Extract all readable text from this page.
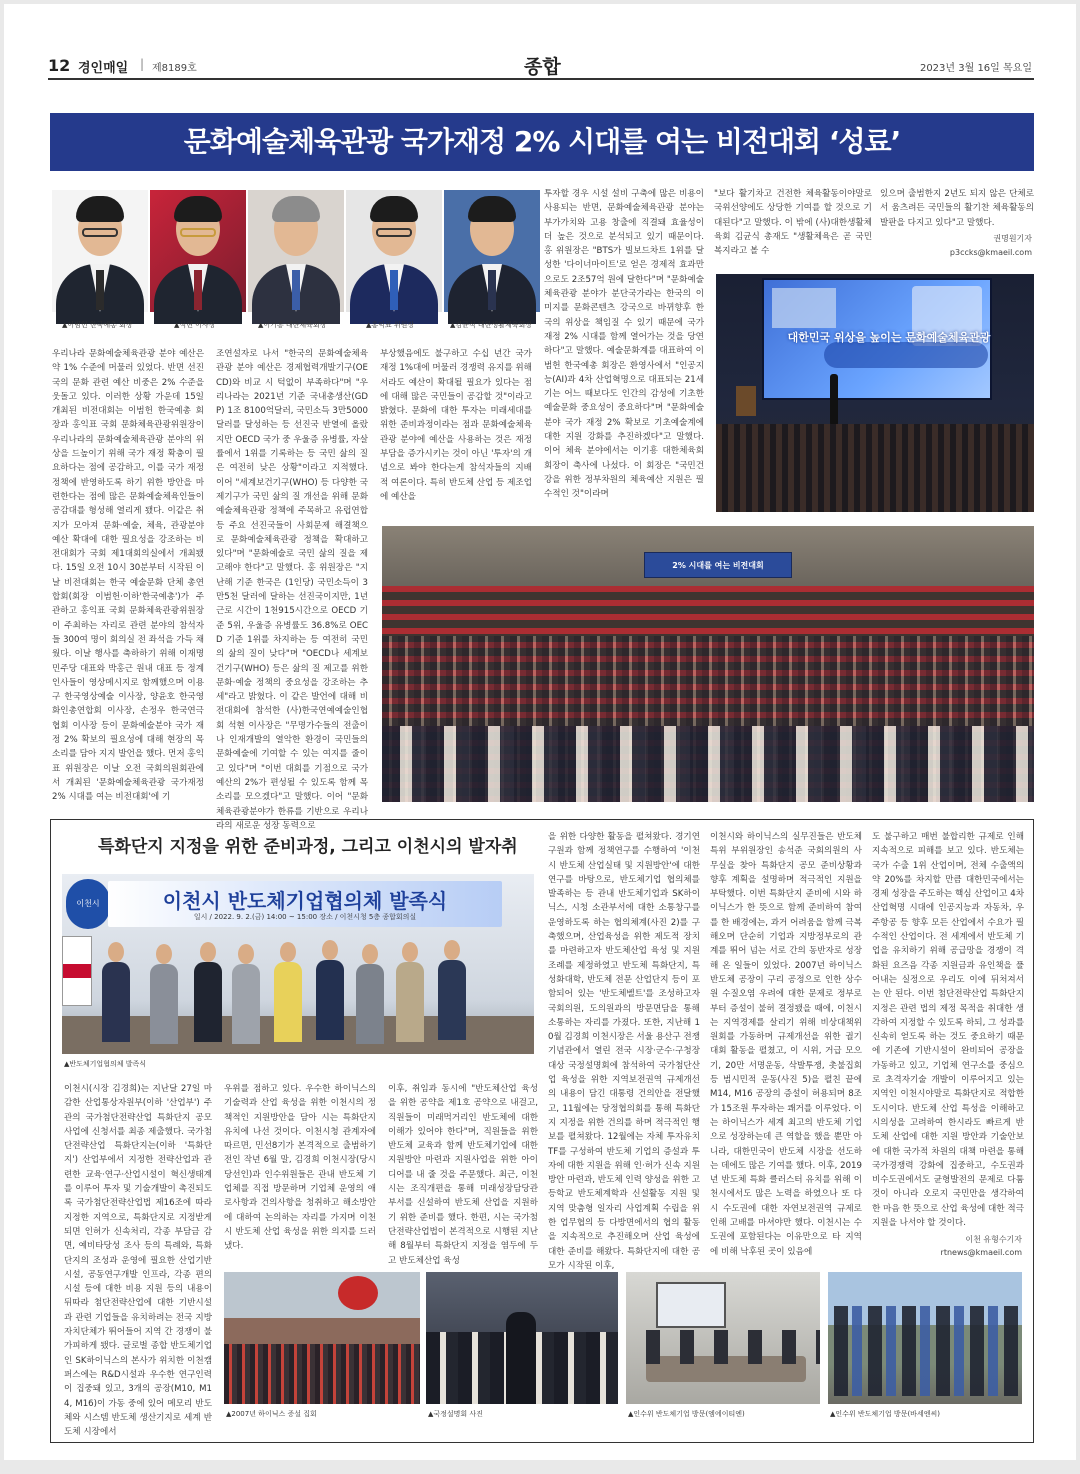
12 경인매일 | 제8189호	종합	2023년 3월 16일 목요일
문화예술체육관광 국가재정 2% 시대를 여는 비전대회 ‘성료’
▲이범헌 한국예총 회장	▲석현 이사장	▲이기흥 대한체육회장	▲홍익표 위원장	▲김균식 대한생활체육회장
우리나라 문화예술체육관광 분야 예산은 약 1% 수준에 머물러 있었다. 반면 선진국의 문화 관련 예산 비중은 2% 수준을 웃돌고 있다. 이러한 상황 가운데 15일 개최된 비전대회는 이범헌 한국예총 회장과 홍익표 국회 문화체육관광위원장이 우리나라의 문화예술체육관광 분야의 위상을 드높이기 위해 국가 재정 확충이 필요하다는 점에 공감하고, 이를 국가 재정정책에 반영하도록 하기 위한 방안을 마련한다는 점에 많은 문화예술체육인들이 공감대를 형성해 열리게 됐다. 이같은 취지가 모아져 문화·예술, 체육, 관광분야 예산 확대에 대한 필요성을 강조하는 비전대회가 국회 제1대회의실에서 개최됐다. 15일 오전 10시 30분부터 시작된 이날 비전대회는 한국 예술문화 단체 총연합회(회장 이범헌·이하'한국예총')가 주관하고 홍익표 국회 문화체육관광위원장이 주최하는 자리로 관련 분야의 참석자들 300여 명이 회의실 전 좌석을 가득 채웠다. 이날 행사를 축하하기 위해 이재명 민주당 대표와 박홍근 원내 대표 등 정계 인사들이 영상메시지로 함께했으며 이용구 한국영상예술 이사장, 양윤호 한국영화인총연합회 이사장, 손정우 한국연극협회 이사장 등이 문화예술분야 국가 재정 2% 확보의 필요성에 대해 현장의 목소리를 담아 지지 발언을 했다. 먼저 홍익표 위원장은 이날 오전 국회의원회관에서 개최된 '문화예술체육관광 국가재정 2% 시대를 여는 비전대회'에 기
조연설자로 나서 "한국의 문화예술체육관광 분야 예산은 경제협력개발기구(OECD)와 비교 시 턱없이 부족하다"며 "우리나라는 2021년 기준 국내총생산(GDP) 1조 8100억달러, 국민소득 3만5000달러를 달성하는 등 선진국 반열에 올랐지만 OECD 국가 중 우울증 유병률, 자살률에서 1위를 기록하는 등 국민 삶의 질은 여전히 낮은 상황"이라고 지적했다. 이어 "세계보건기구(WHO) 등 다양한 국제기구가 국민 삶의 질 개선을 위해 문화예술체육관광 정책에 주목하고 유럽연합 등 주요 선진국들이 사회문제 해결책으로 문화예술체육관광 정책을 확대하고 있다"며 "문화예술로 국민 삶의 질을 제고해야 한다"고 말했다. 홍 위원장은 "지난해 기준 한국은 (1인당) 국민소득이 3만5천 달러에 달하는 선진국이지만, 1년 근로 시간이 1천915시간으로 OECD 기준 5위, 우울증 유병률도 36.8%로 OECD 기준 1위를 차지하는 등 여전히 국민의 삶의 질이 낮다"며 "OECD나 세계보건기구(WHO) 등은 삶의 질 제고를 위한 문화·예술 정책의 중요성을 강조하는 추세"라고 밝혔다. 이 같은 발언에 대해 비전대회에 참석한 (사)한국연예예술인협회 석현 이사장은 "무명가수들의 전출이나 인재개발의 열악한 환경이 국민들의 문화예술에 기여할 수 있는 여지를 줄이고 있다"며 "이번 대회를 기점으로 국가 예산의 2%가 편성될 수 있도록 함께 목소리를 모으겠다"고 말했다. 이어 "문화체육관광분야가 한류를 기반으로 우리나라의 새로운 성장 동력으로
부상했음에도 불구하고 수십 년간 국가재정 1%대에 머물러 경쟁력 유지를 위해서라도 예산이 확대될 필요가 있다는 점에 대해 많은 국민들이 공감할 것"이라고 밝혔다. 문화에 대한 투자는 미래세대를 위한 준비과정이라는 점과 문화예술체육관광 분야에 예산을 사용하는 것은 재정 부담을 증가시키는 것이 아닌 '투자'의 개념으로 봐야 한다는게 참석자들의 지배적 여론이다. 특히 반도체 산업 등 제조업에 예산을
투자할 경우 시설 설비 구축에 많은 비용이 사용되는 반면, 문화예술체육관광 분야는 부가가치와 고용 창출에 직결돼 효율성이 더 높은 것으로 분석되고 있기 때문이다. 홍 위원장은 "BTS가 빌보드차트 1위를 달성한 '다이너마이트'로 얻은 경제적 효과만으로도 2조57억 원에 달한다"며 "문화예술체육관광 분야가 분단국가라는 한국의 이미지를 문화콘텐츠 강국으로 바뀌향후 한국의 위상을 책임질 수 있기 때문에 국가 재정 2% 시대를 함께 열어가는 것을 당연하다"고 말했다. 예술문화계를 대표하여 이범헌 한국예총 회장은 환영사에서 "인공지능(AI)과 4차 산업혁명으로 대표되는 21세기는 어느 때보다도 인간의 감성에 기초한 예술문화 중요성이 중요하다"며 "문화예술분야 국가 재정 2% 확보로 기초예술계에 대한 지원 강화를 추진하겠다"고 말했다. 이어 체육 분야에서는 이기흥 대한체육회 회장이 축사에 나섰다. 이 회장은 "국민건강을 위한 정부차원의 체육예산 지원은 필수적인 것"이라며
"보다 활기차고 건전한 체육활동이야말로 국위선양에도 상당한 기여를 할 것으로 기대된다"고 말했다. 이 밖에 (사)대한생활체육회 김균식 총재도 "생활체육은 곧 국민복지라고 볼 수
있으며 출범한지 2년도 되지 않은 단체로서 움츠려든 국민들의 활기찬 체육활동의 발판을 다지고 있다"고 말했다.
권명원기자
p3ccks@kmaeil.com
대한민국 위상을 높이는 문화예술체육관광
2% 시대를 여는 비전대회
특화단지 지정을 위한 준비과정, 그리고 이천시의 발자취
이천시	이천시 반도체기업협의체 발족식
일시 / 2022. 9. 2.(금) 14:00 ~ 15:00 장소 / 이천시청 5층 종합회의실
▲반도체기업협의체 발족식
이천시(시장 김경희)는 지난달 27일 마감한 산업통상자원부(이하 '산업부') 주관의 국가첨단전략산업 특화단지 공모사업에 신청서를 최종 제출했다. 국가첨단전략산업 특화단지는(이하 '특화단지') 산업부에서 지정한 전략산업과 관련한 교육·연구·산업시설이 혁신생태계를 이루어 투자 및 기술개발이 촉진되도록 국가첨단전략산업법 제16조에 따라 지정한 지역으로, 특화단지로 지정받게 되면 인허가 신속처리, 각종 부담금 감면, 예비타당성 조사 등의 특례와, 특화단지의 조성과 운영에 필요한 산업기반시설, 공동연구개발 인프라, 각종 편의시설 등에 대한 비용 지원 등의 내용이 뒤따라 첨단전략산업에 대한 기반시설과 관련 기업들을 유치하려는 전국 지방자치단체가 뛰어들어 지역 간 경쟁이 불가피하게 됐다. 글로벌 종합 반도체기업인 SK하이닉스의 본사가 위치한 이천캠퍼스에는 R&D시설과 우수한 연구인력이 집중돼 있고, 3개의 공장(M10, M14, M16)이 가동 중에 있어 메모리 반도체와 시스템 반도체 생산기지로 세계 반도체 시장에서
우위를 점하고 있다. 우수한 하이닉스의 기술력과 산업 육성을 위한 이천시의 정책적인 지원방안을 담아 시는 특화단지 유치에 나선 것이다. 이천시청 관계자에 따르면, 민선8기가 본격적으로 출범하기 전인 작년 6월 말, 김경희 이천시장(당시 당선인)과 인수위원들은 관내 반도체 기업체를 직접 방문하며 기업체 운영의 애로사항과 건의사항을 청취하고 해소방안에 대하여 논의하는 자리를 가지며 이천시 반도체 산업 육성을 위한 의지를 드러냈다.
이후, 취임과 동시에 "반도체산업 육성을 위한 공약을 제1호 공약으로 내걸고, 직원들이 미래먹거리인 반도체에 대한 이해가 있어야 한다"며, 직원들을 위한 반도체 교육과 함께 반도체기업에 대한 지원방안 마련과 지원사업을 위한 아이디어를 내 줄 것을 주문했다. 최근, 이천시는 조직개편을 통해 미래성장담당관 부서를 신설하여 반도체 산업을 지원하기 위한 준비를 했다. 한편, 시는 국가첨단전략산업법이 본격적으로 시행된 지난해 8월부터 특화단지 지정을 염두에 두고 반도체산업 육성
을 위한 다양한 활동을 펼쳐왔다. 경기연구원과 함께 정책연구를 수행하여 '이천시 반도체 산업실태 및 지원방안'에 대한 연구를 바탕으로, 반도체기업 협의체를 발족하는 등 관내 반도체기업과 SK하이닉스, 시청 소관부서에 대한 소통창구를 운영하도록 하는 협의체계(사진 2)를 구축했으며, 산업육성을 위한 제도적 장치를 마련하고자 반도체산업 육성 및 지원 조례를 제정하였고 반도체 특화단지, 특성화대학, 반도체 전문 산업단지 등이 포함되어 있는 '반도체벨트'를 조성하고자 국회의원, 도의원과의 방문면담을 통해 소통하는 자리를 가졌다. 또한, 지난해 10월 김경희 이천시장은 서울 용산구 전쟁기념관에서 열린 전국 시장·군수·구청장 대상 국정설명회에 참석하여 국가첨단산업 육성을 위한 지역보전권역 규제개선의 내용이 담긴 대통령 건의안을 전달했고, 11월에는 당정협의회를 통해 특화단지 지정을 위한 건의를 하며 적극적인 행보를 펼쳐왔다. 12월에는 자체 투자유치TF를 구성하여 반도체 기업의 증설과 투자에 대한 지원을 위해 인·허가 신속 지원방안 마련과, 반도체 인력 양성을 위한 고등학교 반도체계학과 신설활동 지원 및 지역 맞춤형 일자리 사업계획 수립을 위한 업무협의 등 다방면에서의 협의 활동을 지속적으로 추진해오며 산업 육성에 대한 준비를 해왔다. 특화단지에 대한 공모가 시작된 이후,
이천시와 하이닉스의 실무진들은 반도체 특위 부위원장인 송석준 국회의원의 사무실을 찾아 특화단지 공모 준비상황과 향후 계획을 설명하며 적극적인 지원을 부탁했다. 이번 특화단지 준비에 시와 하이닉스가 한 뜻으로 함께 준비하여 참여를 한 배경에는, 과거 어려움을 함께 극복해오며 단순히 기업과 지방정부로의 관계를 뛰어 넘는 서로 간의 동반자로 성장해 온 일들이 있었다. 2007년 하이닉스 반도체 공장이 구리 공정으로 인한 상수원 수질오염 우려에 대한 문제로 정부로부터 증설이 불허 결정됐을 때에, 이천시는 지역경제를 살리기 위해 비상대책위원회를 가동하며 규제개선을 위한 궐기대회 활동을 펼쳤고, 이 시위, 거급 모으기, 20만 서명운동, 삭발투쟁, 촛불집회 등 범시민적 운동(사진 5)을 펼친 끝에 M14, M16 공장의 증설이 허용되며 8조가 15조원 투자하는 쾌거를 이루었다. 이는 하이닉스가 세계 최고의 반도체 기업으로 성장하는데 큰 역할을 했을 뿐만 아니라, 대한민국이 반도체 시장을 선도하는 데에도 많은 기여를 했다. 이후, 2019년 반도체 특화 클러스터 유치를 위해 이천시에서도 많은 노력을 하였으나 또 다시 수도권에 대한 자연보전권역 규제로 인해 고배를 마셔야만 했다. 이천시는 수도권에 포함된다는 이유만으로 타 지역에 비해 낙후된 곳이 있음에
도 불구하고 매번 불합리한 규제로 인해 지속적으로 피해를 보고 있다. 반도체는 국가 수출 1위 산업이며, 전체 수출액의 약 20%를 차지할 만큼 대한민국에서는 경제 성장을 주도하는 핵심 산업이고 4차 산업혁명 시대에 인공지능과 자동차, 우주항공 등 향후 모든 산업에서 수요가 필수적인 산업이다. 전 세계에서 반도체 기업을 유치하기 위해 공급망을 경쟁이 격화된 요즈음 각종 지원금과 유인책을 풀어내는 실정으로 우리도 이에 뒤처져서는 안 된다. 이번 첨단전략산업 특화단지 지정은 관련 법의 제정 목적을 취대한 생각하여 지정할 수 있도록 하되, 그 성과를 신속히 얻도록 하는 것도 중요하기 때문에 기존에 기반시설이 완비되어 공장을 가동하고 있고, 기업체 연구소를 중심으로 초격자기술 개발이 이루어지고 있는 지역인 이천시야말로 특화단지로 적합한 도시이다. 반도체 산업 특성을 이해하고 시의성을 고려하여 한시라도 빠르게 반도체 산업에 대한 지원 방안과 기술안보에 대한 국가적 차원의 대책 마련을 통해 국가경쟁력 강화에 집중하고, 수도권과 비수도권에서도 균형발전의 문제로 다툼 것이 아니라 오로지 국민만을 생각하여 한 마음 한 뜻으로 산업 육성에 대한 적극지원을 나서야 할 것이다.
이천 유형수기자
rtnews@kmaeil.com
▲2007년 하이닉스 증설 집회	▲국정설명회 사진	▲인수위 반도체기업 방문(엠에이티엔)	▲인수위 반도체기업 방문(바세엔씨)
